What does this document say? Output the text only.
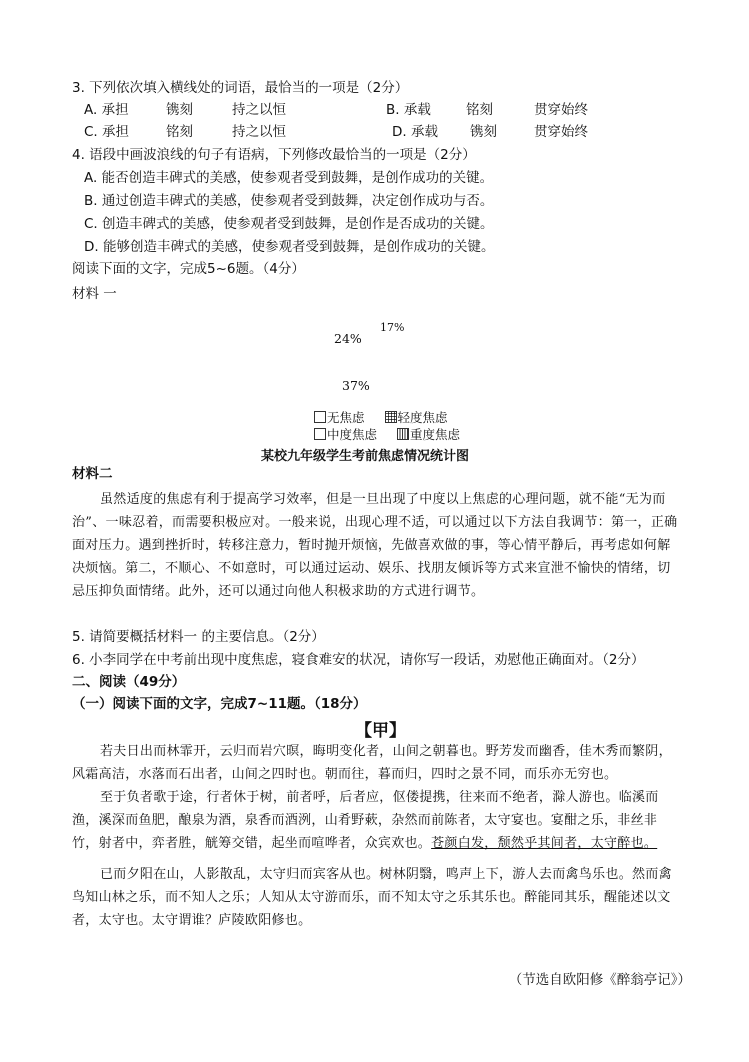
3. 下列依次填入横线处的词语，最恰当的一项是（2分）
A. 承担	镌刻	持之以恒	B. 承载	铭刻	贯穿始终
C. 承担	铭刻	持之以恒	D. 承载 镌刻	贯穿始终
4. 语段中画波浪线的句子有语病，下列修改最恰当的一项是（2分）
A. 能否创造丰碑式的美感，使参观者受到鼓舞，是创作成功的关键。
B. 通过创造丰碑式的美感，使参观者受到鼓舞，决定创作成功与否。
C. 创造丰碑式的美感，使参观者受到鼓舞，是创作是否成功的关键。
D. 能够创造丰碑式的美感，使参观者受到鼓舞，是创作成功的关键。
阅读下面的文字，完成5~6题。（4分）
材料 一
17%
24%
37%
无焦虑	轻度焦虑
中度焦虑	重度焦虑
某校九年级学生考前焦虑情况统计图
材料二

虽然适度的焦虑有利于提高学习效率，但是一旦出现了中度以上焦虑的心理问题，就不能“无为而治”、一味忍着，而需要积极应对。一般来说，出现心理不适，可以通过以下方法自我调节：第一，正确面对压力。遇到挫折时，转移注意力，暂时抛开烦恼，先做喜欢做的事，等心情平静后，再考虑如何解决烦恼。第二，不顺心、不如意时，可以通过运动、娱乐、找朋友倾诉等方式来宣泄不愉快的情绪，切忌压抑负面情绪。此外，还可以通过向他人积极求助的方式进行调节。

5. 请简要概括材料一 的主要信息。（2分）
6. 小李同学在中考前出现中度焦虑，寝食难安的状况，请你写一段话，劝慰他正确面对。（2分）
二、阅读（49分）
（一）阅读下面的文字，完成7~11题。（18分）
【甲】

若夫日出而林霏开，云归而岩穴暝，晦明变化者，山间之朝暮也。野芳发而幽香，佳木秀而繁阴，风霜高洁，水落而石出者，山间之四时也。朝而往，暮而归，四时之景不同，而乐亦无穷也。

至于负者歌于途，行者休于树，前者呼，后者应，伛偻提携，往来而不绝者，滁人游也。临溪而渔，溪深而鱼肥，酿泉为酒，泉香而酒洌，山肴野蔌，杂然而前陈者，太守宴也。宴酣之乐，非丝非竹，射者中，弈者胜，觥筹交错，起坐而喧哗者，众宾欢也。苍颜白发，颓然乎其间者，太守醉也。

已而夕阳在山，人影散乱，太守归而宾客从也。树林阴翳，鸣声上下，游人去而禽鸟乐也。然而禽鸟知山林之乐，而不知人之乐；人知从太守游而乐，而不知太守之乐其乐也。醉能同其乐，醒能述以文者，太守也。太守谓谁？庐陵欧阳修也。

（节选自欧阳修《醉翁亭记》）
